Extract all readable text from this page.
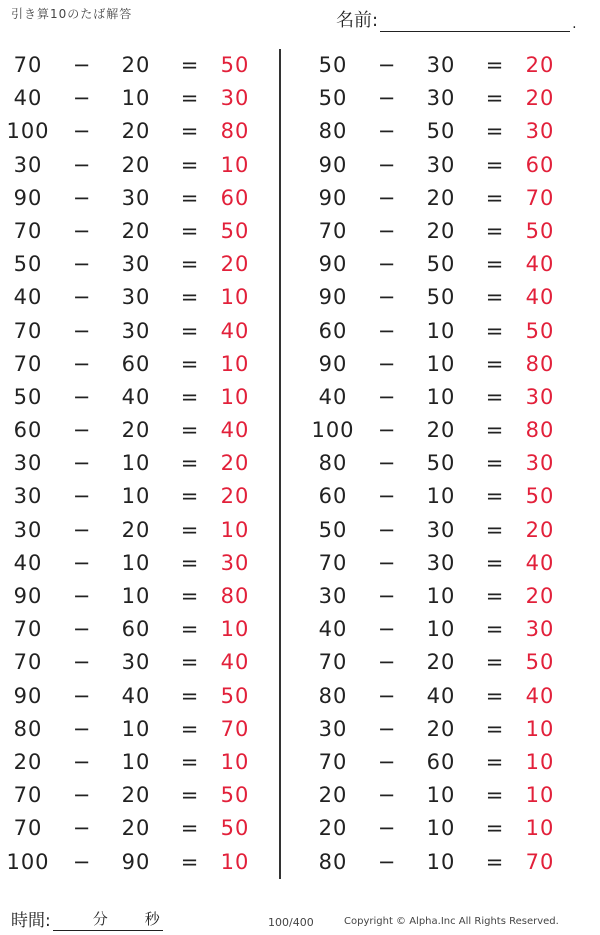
引き算10のたば解答	名前:	.
70	−	20	=	50
40	−	10	=	30
100	−	20	=	80
30	−	20	=	10
90	−	30	=	60
70	−	20	=	50
50	−	30	=	20
40	−	30	=	10
70	−	30	=	40
70	−	60	=	10
50	−	40	=	10
60	−	20	=	40
30	−	10	=	20
30	−	10	=	20
30	−	20	=	10
40	−	10	=	30
90	−	10	=	80
70	−	60	=	10
70	−	30	=	40
90	−	40	=	50
80	−	10	=	70
20	−	10	=	10
70	−	20	=	50
70	−	20	=	50
100	−	90	=	10
50	−	30	=	20
50	−	30	=	20
80	−	50	=	30
90	−	30	=	60
90	−	20	=	70
70	−	20	=	50
90	−	50	=	40
90	−	50	=	40
60	−	10	=	50
90	−	10	=	80
40	−	10	=	30
100	−	20	=	80
80	−	50	=	30
60	−	10	=	50
50	−	30	=	20
70	−	30	=	40
30	−	10	=	20
40	−	10	=	30
70	−	20	=	50
80	−	40	=	40
30	−	20	=	10
70	−	60	=	10
20	−	10	=	10
20	−	10	=	10
80	−	10	=	70
時間:	分 秒	100/400	Copyright © Alpha.Inc All Rights Reserved.
